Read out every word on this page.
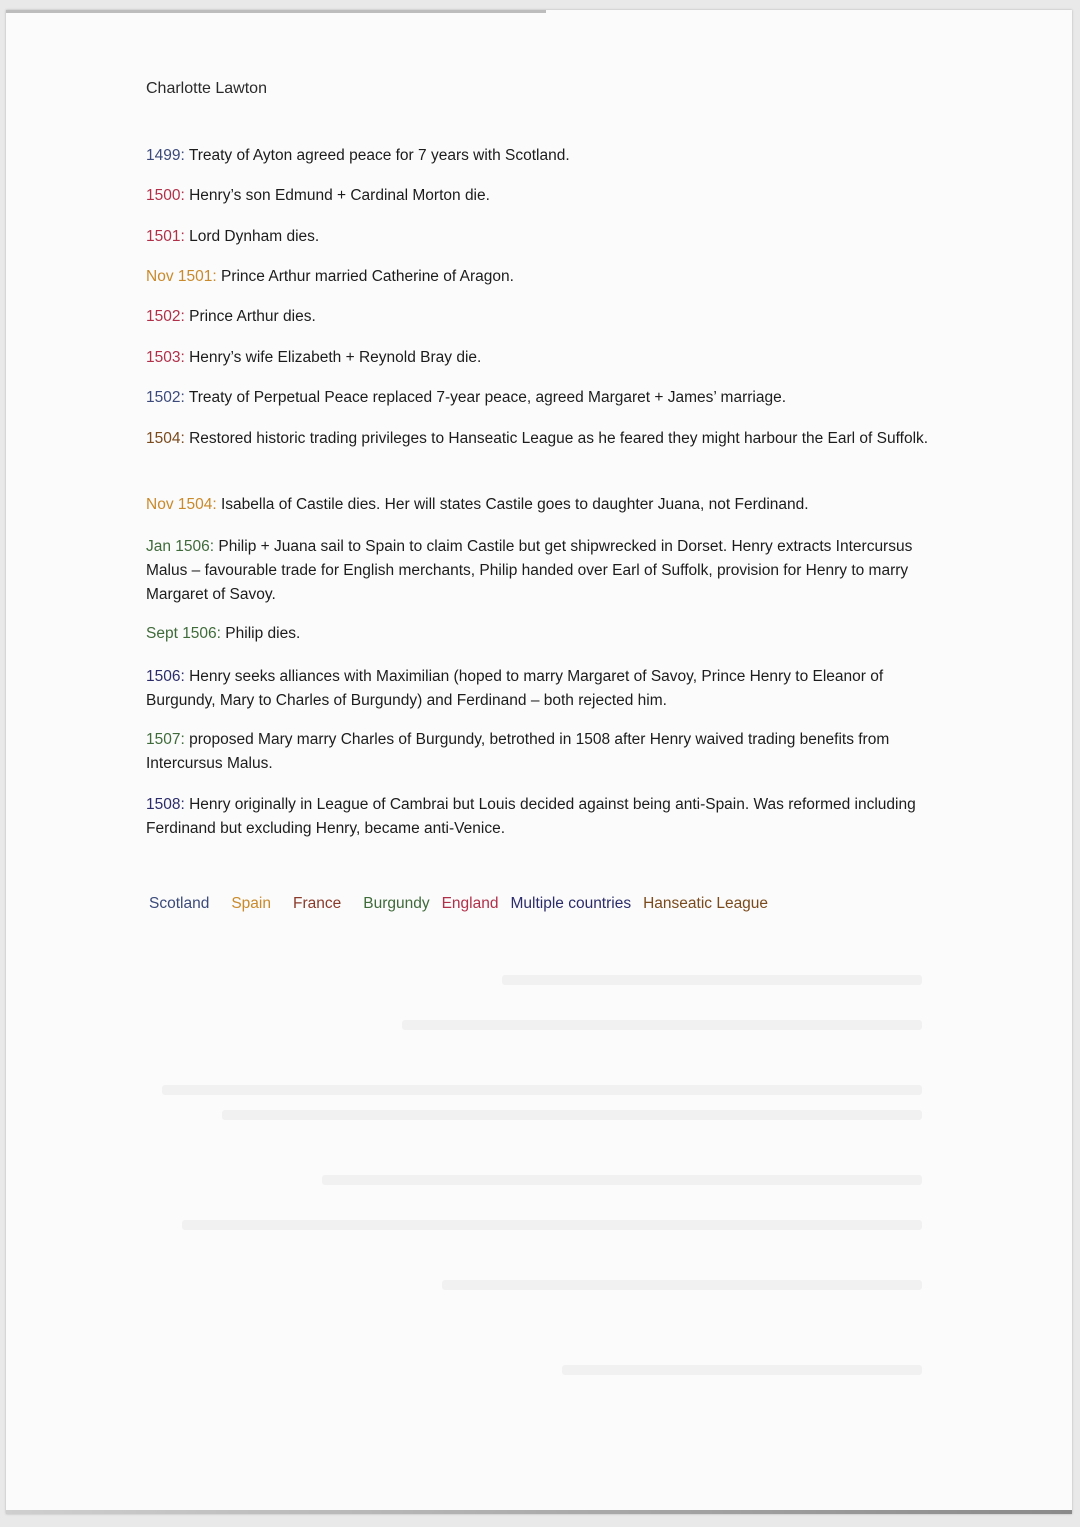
Charlotte Lawton
1499: Treaty of Ayton agreed peace for 7 years with Scotland.
1500: Henry’s son Edmund + Cardinal Morton die.
1501: Lord Dynham dies.
Nov 1501: Prince Arthur married Catherine of Aragon.
1502: Prince Arthur dies.
1503: Henry’s wife Elizabeth + Reynold Bray die.
1502: Treaty of Perpetual Peace replaced 7-year peace, agreed Margaret + James’ marriage.
1504: Restored historic trading privileges to Hanseatic League as he feared they might harbour the Earl of Suffolk.
Nov 1504: Isabella of Castile dies. Her will states Castile goes to daughter Juana, not Ferdinand.
Jan 1506: Philip + Juana sail to Spain to claim Castile but get shipwrecked in Dorset. Henry extracts Intercursus Malus – favourable trade for English merchants, Philip handed over Earl of Suffolk, provision for Henry to marry Margaret of Savoy.
Sept 1506: Philip dies.
1506: Henry seeks alliances with Maximilian (hoped to marry Margaret of Savoy, Prince Henry to Eleanor of Burgundy, Mary to Charles of Burgundy) and Ferdinand – both rejected him.
1507: proposed Mary marry Charles of Burgundy, betrothed in 1508 after Henry waived trading benefits from Intercursus Malus.
1508: Henry originally in League of Cambrai but Louis decided against being anti-Spain. Was reformed including Ferdinand but excluding Henry, became anti-Venice.
Scotland Spain France Burgundy England Multiple countries Hanseatic League
